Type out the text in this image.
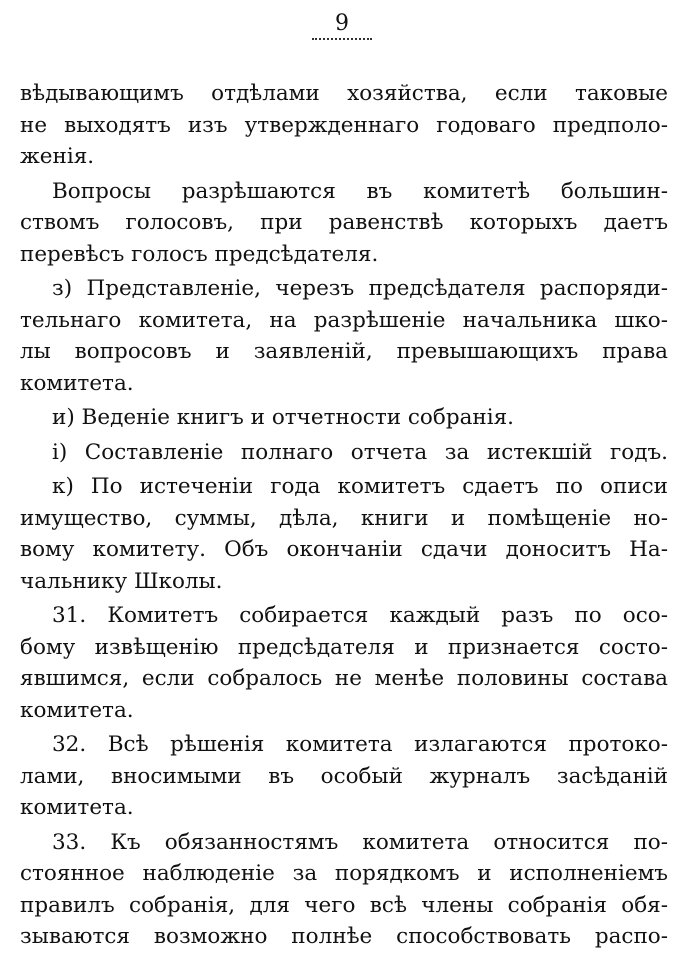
9
вѣдывающимъ отдѣлами хозяйства, если таковые
не выходятъ изъ утвержденнаго годоваго предполо-
женія.
Вопросы разрѣшаются въ комитетѣ большин-
ствомъ голосовъ, при равенствѣ которыхъ даетъ
перевѣсъ голосъ предсѣдателя.
з) Представленіе, черезъ предсѣдателя распоряди-
тельнаго комитета, на разрѣшеніе начальника шко-
лы вопросовъ и заявленій, превышающихъ права
комитета.
и) Веденіе книгъ и отчетности собранія.
і) Составленіе полнаго отчета за истекшій годъ.
к) По истеченіи года комитетъ сдаетъ по описи
имущество, суммы, дѣла, книги и помѣщеніе но-
вому комитету. Объ окончаніи сдачи доноситъ На-
чальнику Школы.
31. Комитетъ собирается каждый разъ по осо-
бому извѣщенію предсѣдателя и признается состо-
явшимся, если собралось не менѣе половины состава
комитета.
32. Всѣ рѣшенія комитета излагаются протоко-
лами, вносимыми въ особый журналъ засѣданій
комитета.
33. Къ обязанностямъ комитета относится по-
стоянное наблюденіе за порядкомъ и исполненіемъ
правилъ собранія, для чего всѣ члены собранія обя-
зываются возможно полнѣе способствовать распо-
